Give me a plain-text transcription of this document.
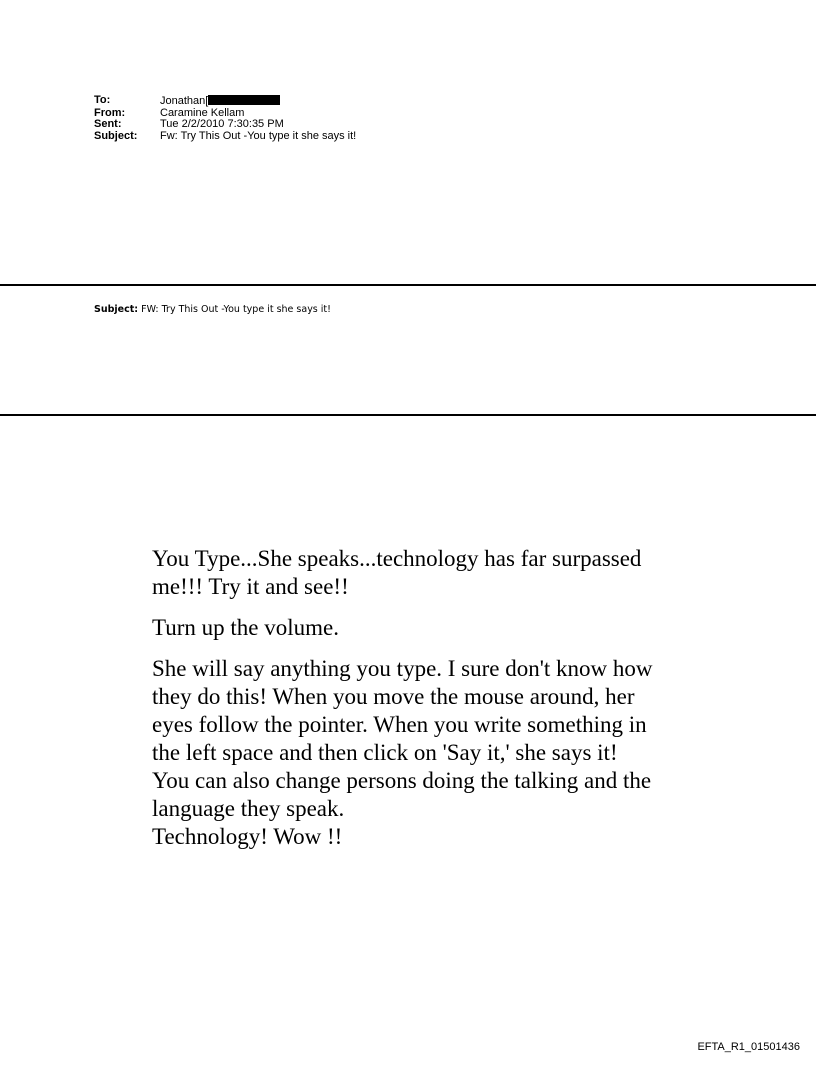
To:	Jonathan[
From:	Caramine Kellam
Sent:	Tue 2/2/2010 7:30:35 PM
Subject:	Fw: Try This Out -You type it she says it!
Subject: FW: Try This Out -You type it she says it!

You Type...She speaks...technology has far surpassed
me!!! Try it and see!!

Turn up the volume.

She will say anything you type. I sure don't know how
they do this! When you move the mouse around, her
eyes follow the pointer. When you write something in
the left space and then click on 'Say it,' she says it!
You can also change persons doing the talking and the
language they speak.
Technology! Wow !!

EFTA_R1_01501436
